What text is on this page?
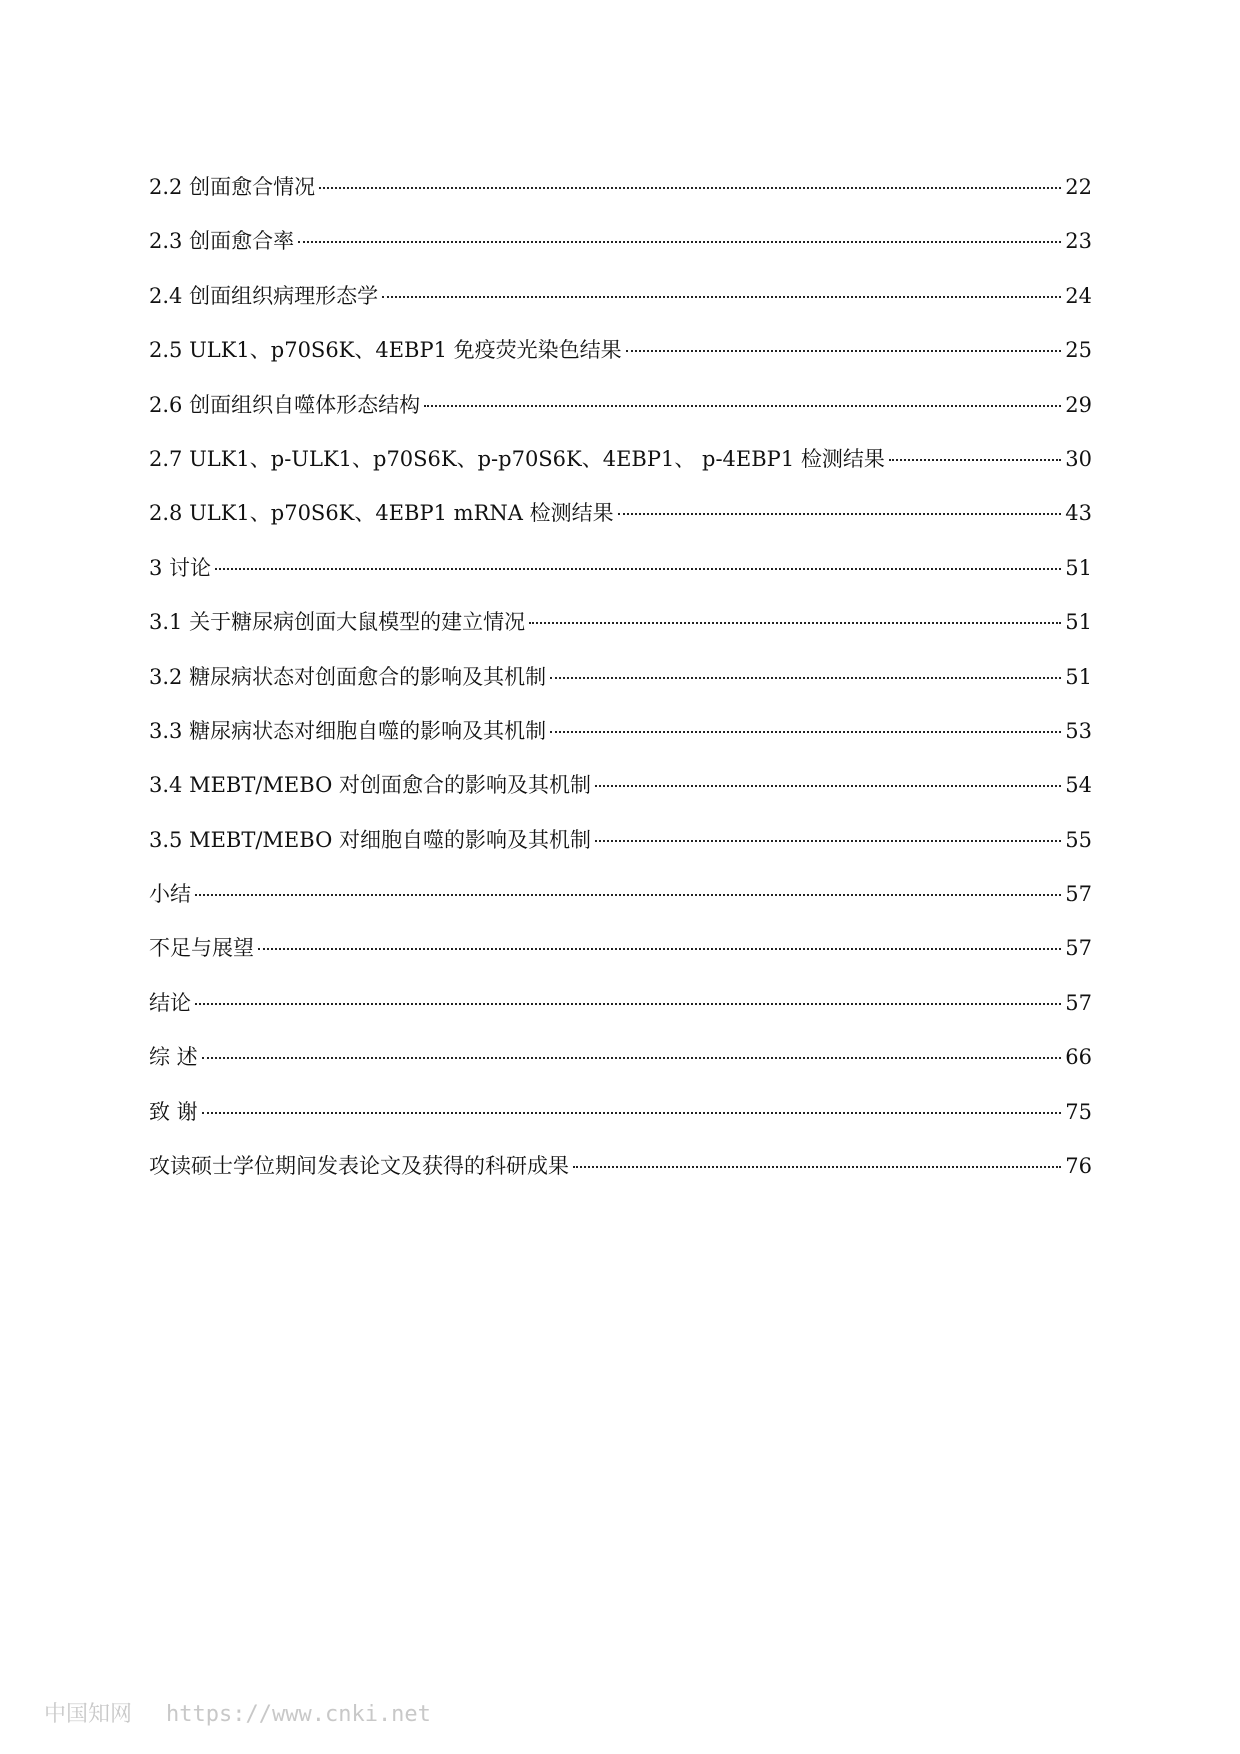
2.2 创面愈合情况	22
2.3 创面愈合率	23
2.4 创面组织病理形态学	24
2.5 ULK1、p70S6K、4EBP1 免疫荧光染色结果	25
2.6 创面组织自噬体形态结构	29
2.7 ULK1、p-ULK1、p70S6K、p-p70S6K、4EBP1、 p-4EBP1 检测结果	30
2.8 ULK1、p70S6K、4EBP1 mRNA 检测结果	43
3 讨论	51
3.1 关于糖尿病创面大鼠模型的建立情况	51
3.2 糖尿病状态对创面愈合的影响及其机制	51
3.3 糖尿病状态对细胞自噬的影响及其机制	53
3.4 MEBT/MEBO 对创面愈合的影响及其机制	54
3.5 MEBT/MEBO 对细胞自噬的影响及其机制	55
小结	57
不足与展望	57
结论	57
综 述	66
致 谢	75
攻读硕士学位期间发表论文及获得的科研成果	76
中国知网 https://www.cnki.net
